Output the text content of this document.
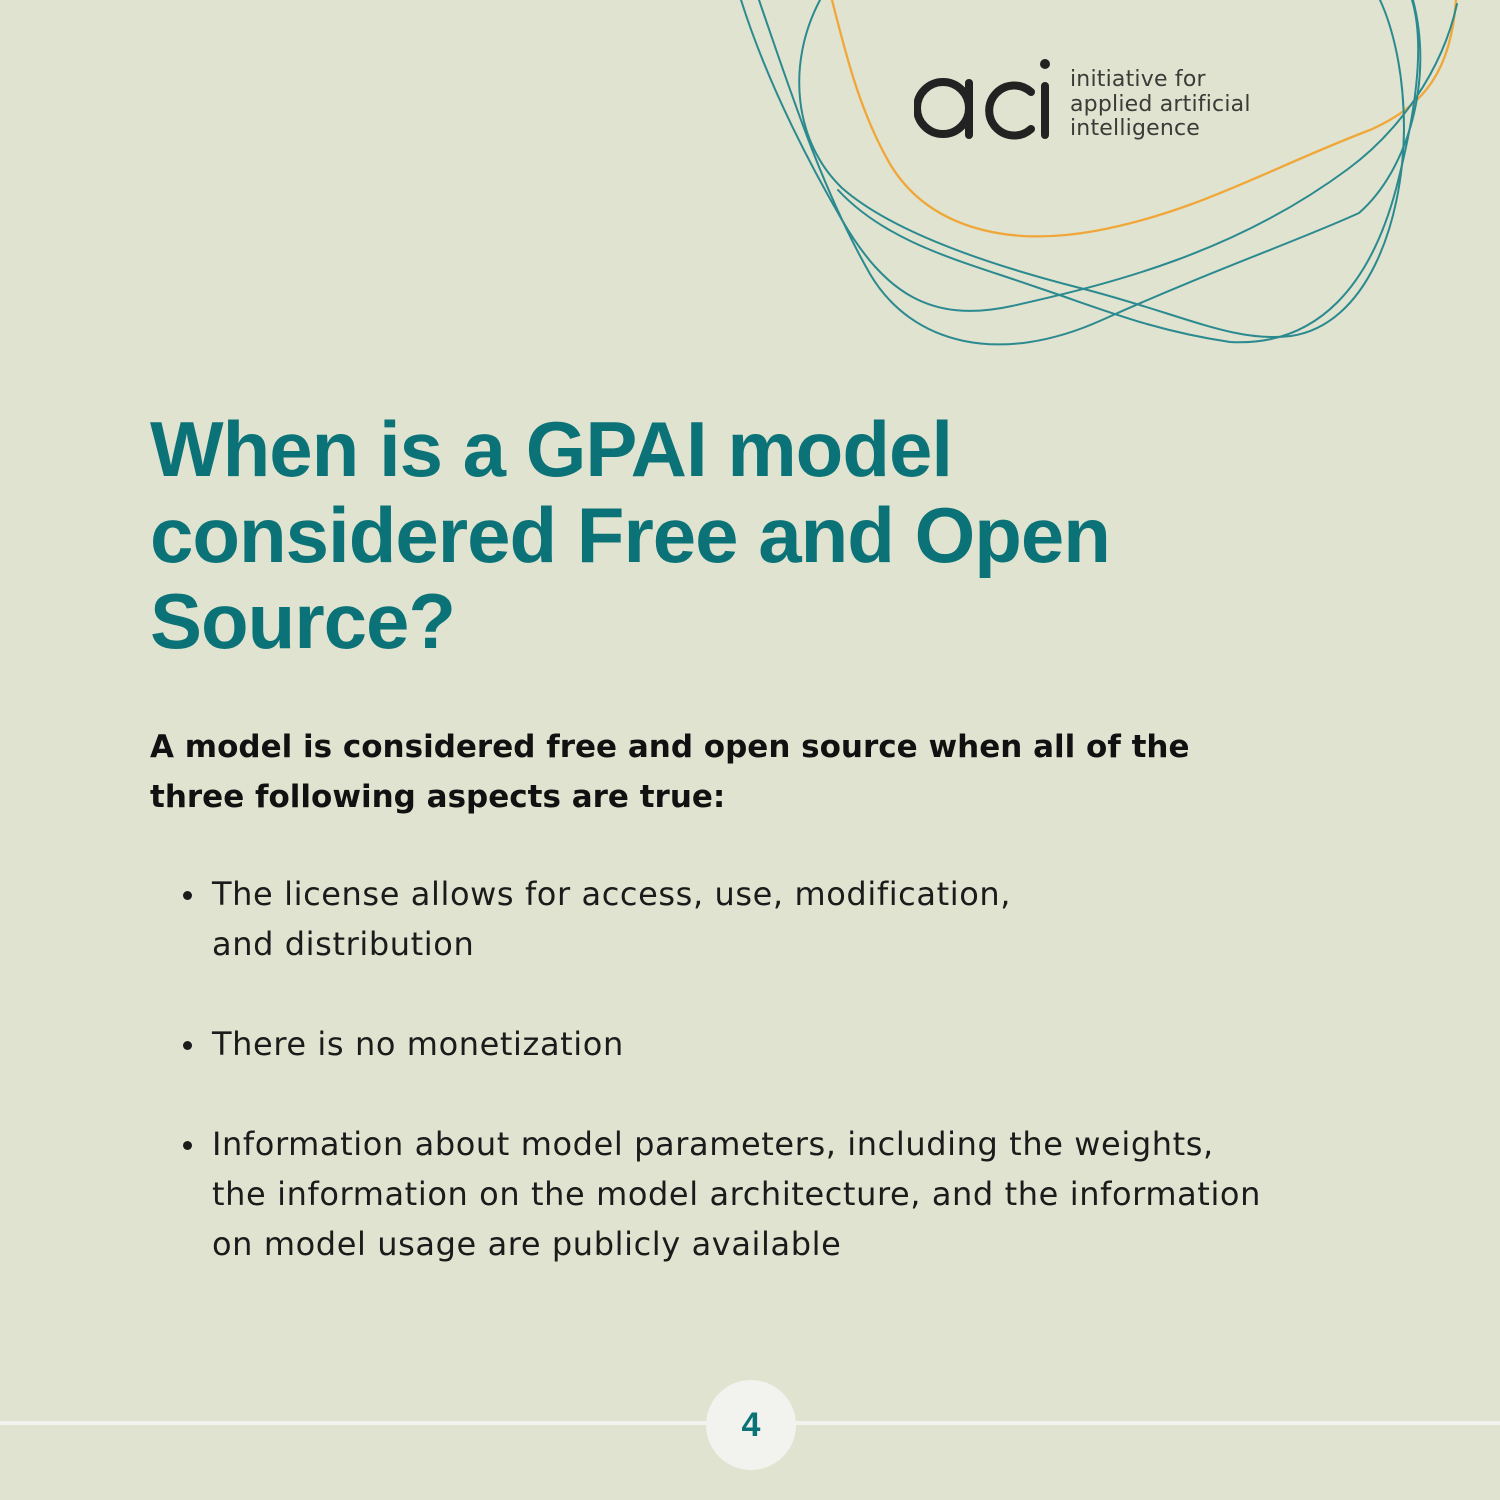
initiative for
applied artificial
intelligence
When is a GPAI model
considered Free and Open
Source?

A model is considered free and open source when all of the
three following aspects are true:

The license allows for access, use, modification,
and distribution
There is no monetization
Information about model parameters, including the weights,
the information on the model architecture, and the information
on model usage are publicly available
4
